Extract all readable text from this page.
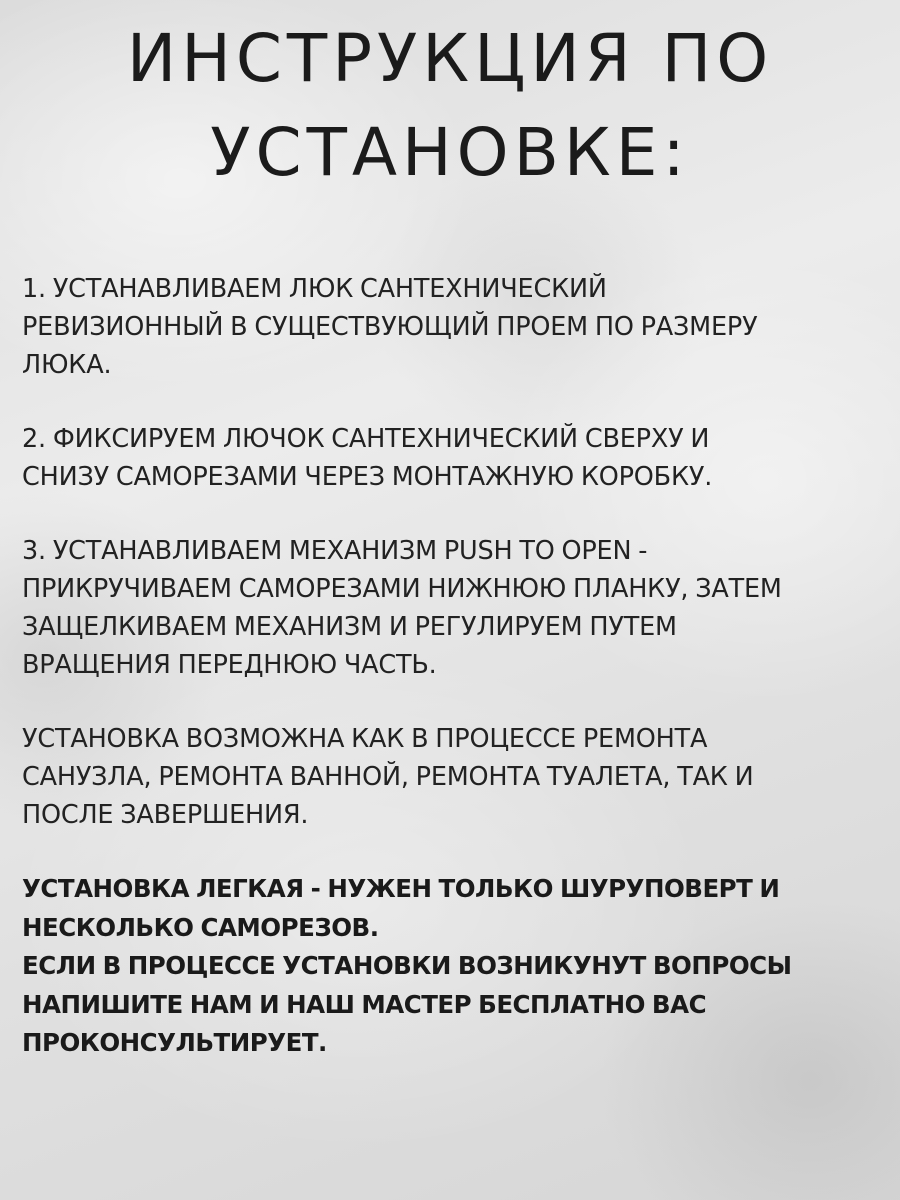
ИНСТРУКЦИЯ ПО
УСТАНОВКЕ:

1. УСТАНАВЛИВАЕМ ЛЮК САНТЕХНИЧЕСКИЙ
РЕВИЗИОННЫЙ В СУЩЕСТВУЮЩИЙ ПРОЕМ ПО РАЗМЕРУ
ЛЮКА.

2. ФИКСИРУЕМ ЛЮЧОК САНТЕХНИЧЕСКИЙ СВЕРХУ И
СНИЗУ САМОРЕЗАМИ ЧЕРЕЗ МОНТАЖНУЮ КОРОБКУ.

3. УСТАНАВЛИВАЕМ МЕХАНИЗМ PUSH TO OPEN -
ПРИКРУЧИВАЕМ САМОРЕЗАМИ НИЖНЮЮ ПЛАНКУ, ЗАТЕМ
ЗАЩЕЛКИВАЕМ МЕХАНИЗМ И РЕГУЛИРУЕМ ПУТЕМ
ВРАЩЕНИЯ ПЕРЕДНЮЮ ЧАСТЬ.

УСТАНОВКА ВОЗМОЖНА КАК В ПРОЦЕССЕ РЕМОНТА
САНУЗЛА, РЕМОНТА ВАННОЙ, РЕМОНТА ТУАЛЕТА, ТАК И
ПОСЛЕ ЗАВЕРШЕНИЯ.

УСТАНОВКА ЛЕГКАЯ - НУЖЕН ТОЛЬКО ШУРУПОВЕРТ И
НЕСКОЛЬКО САМОРЕЗОВ.
ЕСЛИ В ПРОЦЕССЕ УСТАНОВКИ ВОЗНИКУНУТ ВОПРОСЫ
НАПИШИТЕ НАМ И НАШ МАСТЕР БЕСПЛАТНО ВАС
ПРОКОНСУЛЬТИРУЕТ.
